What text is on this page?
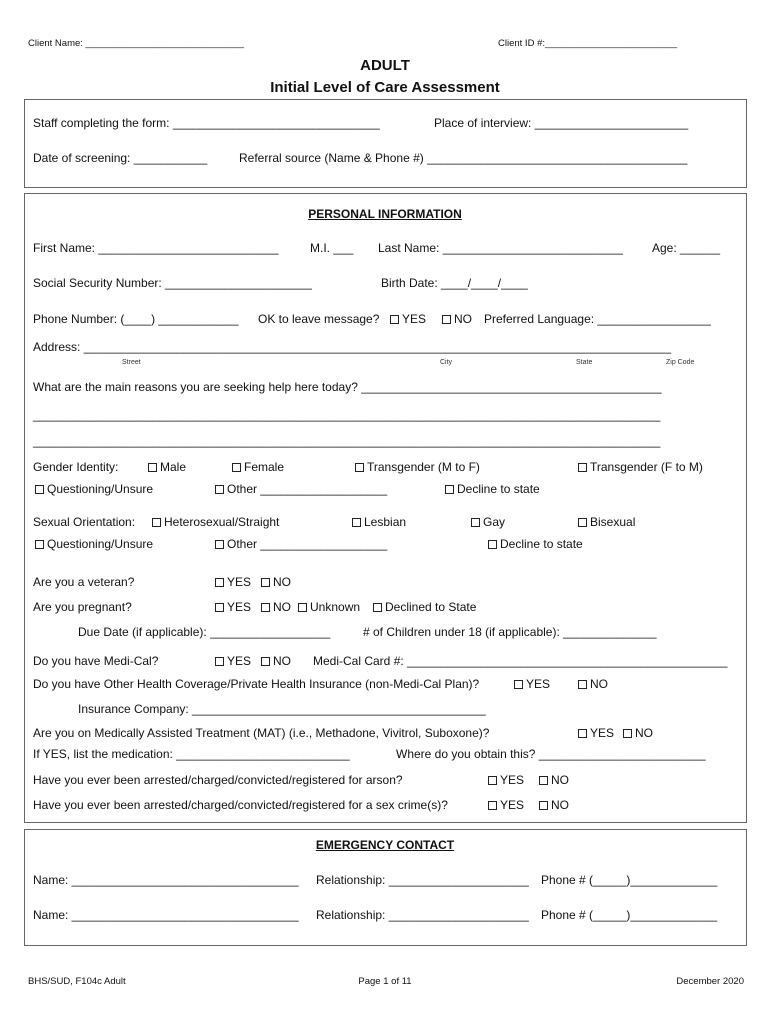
Client Name: ______________________________	Client ID #:_________________________
ADULT
Initial Level of Care Assessment
Staff completing the form: _______________________________	Place of interview: _______________________
Date of screening: ___________	Referral source (Name & Phone #) _______________________________________
PERSONAL INFORMATION
First Name: ___________________________	M.I. ___ Last Name: ___________________________ Age: ______
Social Security Number: ______________________	Birth Date: ____/____/____
Phone Number: (____) ____________ OK to leave message?	YES	NO Preferred Language: _________________
Address: ________________________________________________________________________________________
Street	City	State	Zip Code
What are the main reasons you are seeking help here today? _____________________________________________
______________________________________________________________________________________________
______________________________________________________________________________________________
Gender Identity:	Male	Female	Transgender (M to F)	Transgender (F to M)
Questioning/Unsure	Other ___________________	Decline to state
Sexual Orientation:	Heterosexual/Straight	Lesbian	Gay	Bisexual
Questioning/Unsure	Other ___________________	Decline to state
Are you a veteran?	YES	NO
Are you pregnant?	YES	NO	Unknown	Declined to State
Due Date (if applicable): __________________	# of Children under 18 (if applicable): ______________
Do you have Medi-Cal?	YES	NO Medi-Cal Card #: ________________________________________________
Do you have Other Health Coverage/Private Health Insurance (non-Medi-Cal Plan)?	YES	NO
Insurance Company: ____________________________________________
Are you on Medically Assisted Treatment (MAT) (i.e., Methadone, Vivitrol, Suboxone)?	YES	NO
If YES, list the medication: __________________________	Where do you obtain this? _________________________
Have you ever been arrested/charged/convicted/registered for arson?	YES	NO
Have you ever been arrested/charged/convicted/registered for a sex crime(s)?	YES	NO
EMERGENCY CONTACT
Name: __________________________________ Relationship: _____________________ Phone # (_____)_____________
Name: __________________________________ Relationship: _____________________ Phone # (_____)_____________
BHS/SUD, F104c Adult	Page 1 of 11	December 2020
